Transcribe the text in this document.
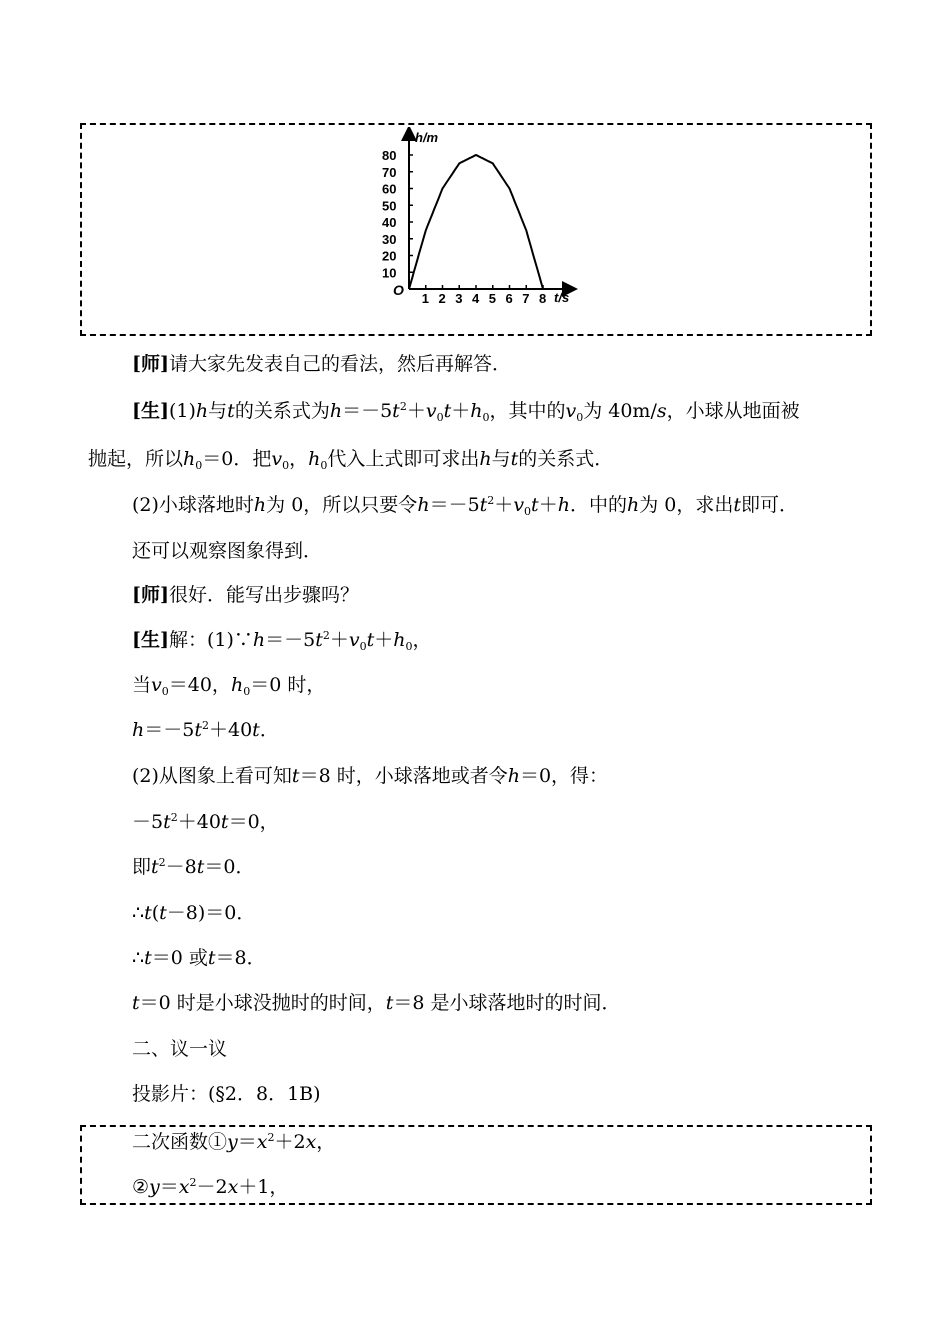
h/m
t/s
O
80
70
60
50
40
30
20
10
1 2 3 4 5 6 7 8
[师]请大家先发表自己的看法，然后再解答．
[生](1)h与t的关系式为$h=-5t^2+v_0t+h_0$，其中的$v_0$为 40m/s，小球从地面被
抛起，所以$h_0=0$．把$v_0$，$h_0$代入上式即可求出h与t的关系式．
(2)小球落地时h为 0，所以只要令$h=-5t^2+v_0t+h$．中的h为 0，求出t即可．
还可以观察图象得到．
[师]很好．能写出步骤吗？
[生]解：$(1)\because h=-5t^2+v_0t+h_0$，
当$v_0=40$，$h_0=0$ 时，
$h=-5t^2+40t$．
(2)从图象上看可知t＝8 时，小球落地或者令h＝0，得：
$-5t^2+40t=0$，
即$t^2-8t=0$．
∴t(t－8)＝0．
∴t＝0 或t＝8．
t＝0 时是小球没抛时的时间，t＝8 是小球落地时的时间．
二、议一议
投影片：(§2．8．1B)
二次函数$①y=x^2+2x$，
$②y=x^2-2x+1$，
